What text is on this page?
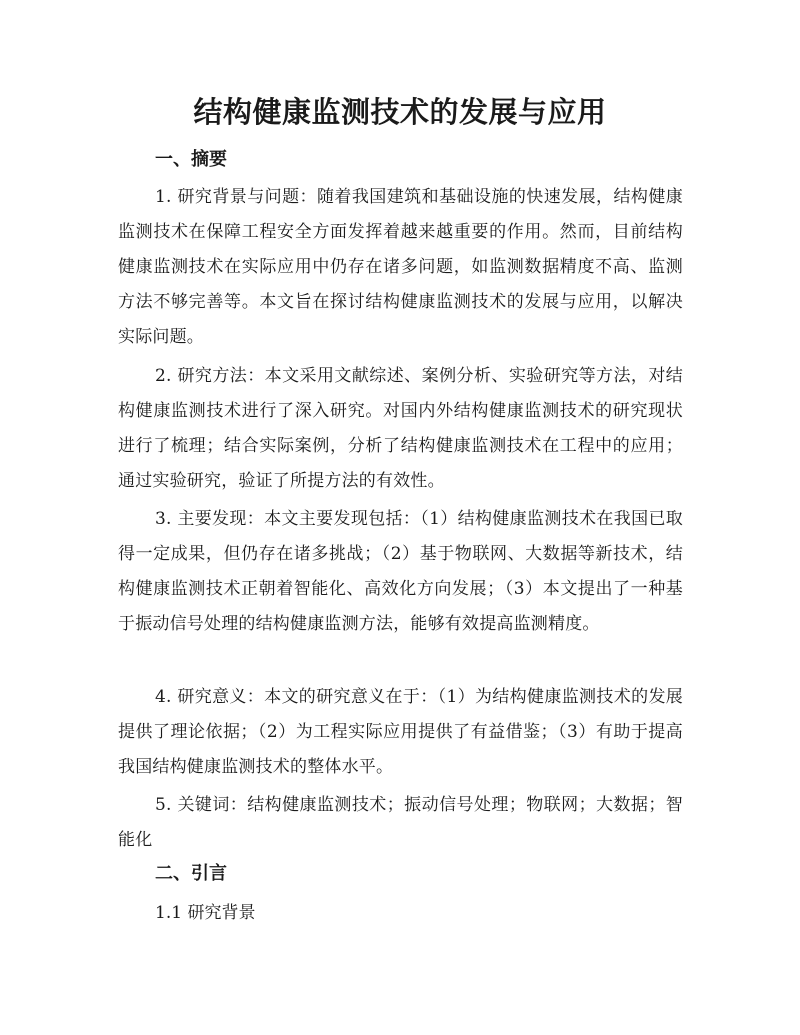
结构健康监测技术的发展与应用
一、摘要

1. 研究背景与问题：随着我国建筑和基础设施的快速发展，结构健康监测技术在保障工程安全方面发挥着越来越重要的作用。然而，目前结构健康监测技术在实际应用中仍存在诸多问题，如监测数据精度不高、监测方法不够完善等。本文旨在探讨结构健康监测技术的发展与应用，以解决实际问题。

2. 研究方法：本文采用文献综述、案例分析、实验研究等方法，对结构健康监测技术进行了深入研究。对国内外结构健康监测技术的研究现状进行了梳理；结合实际案例，分析了结构健康监测技术在工程中的应用；通过实验研究，验证了所提方法的有效性。

3. 主要发现：本文主要发现包括：（1）结构健康监测技术在我国已取得一定成果，但仍存在诸多挑战；（2）基于物联网、大数据等新技术，结构健康监测技术正朝着智能化、高效化方向发展；（3）本文提出了一种基于振动信号处理的结构健康监测方法，能够有效提高监测精度。

4. 研究意义：本文的研究意义在于：（1）为结构健康监测技术的发展提供了理论依据；（2）为工程实际应用提供了有益借鉴；（3）有助于提高我国结构健康监测技术的整体水平。

5. 关键词：结构健康监测技术；振动信号处理；物联网；大数据；智能化

二、引言
1.1 研究背景
